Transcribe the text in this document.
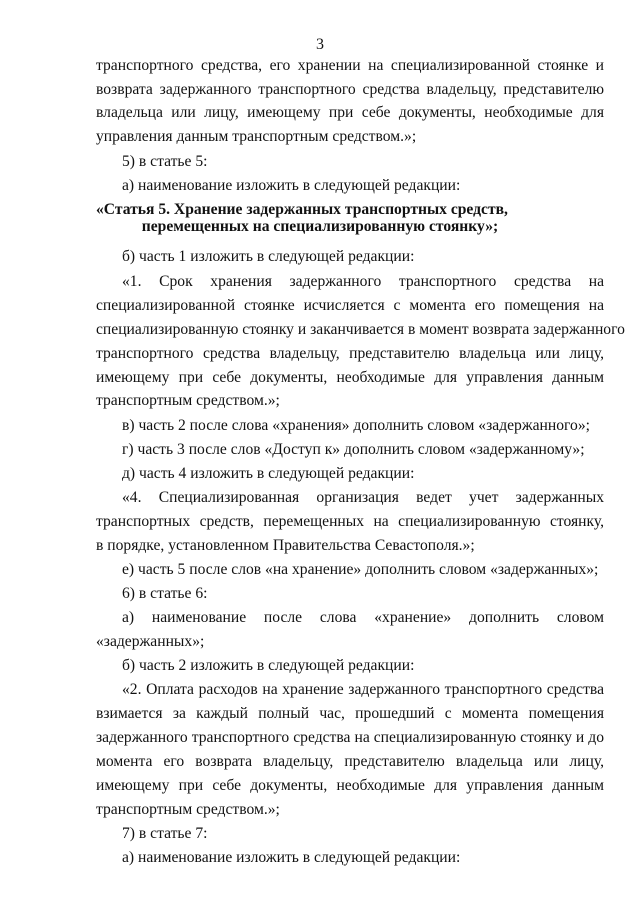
3
транспортного средства, его хранении на специализированной стоянке и
возврата задержанного транспортного средства владельцу, представителю
владельца или лицу, имеющему при себе документы, необходимые для
управления данным транспортным средством.»;
5) в статье 5:
а) наименование изложить в следующей редакции:
«Статья 5. Хранение задержанных транспортных средств,
перемещенных на специализированную стоянку»;
б) часть 1 изложить в следующей редакции:
«1. Срок хранения задержанного транспортного средства на
специализированной стоянке исчисляется с момента его помещения на
специализированную стоянку и заканчивается в момент возврата задержанного
транспортного средства владельцу, представителю владельца или лицу,
имеющему при себе документы, необходимые для управления данным
транспортным средством.»;
в) часть 2 после слова «хранения» дополнить словом «задержанного»;
г) часть 3 после слов «Доступ к» дополнить словом «задержанному»;
д) часть 4 изложить в следующей редакции:
«4. Специализированная организация ведет учет задержанных
транспортных средств, перемещенных на специализированную стоянку,
в порядке, установленном Правительства Севастополя.»;
е) часть 5 после слов «на хранение» дополнить словом «задержанных»;
6) в статье 6:
а) наименование после слова «хранение» дополнить словом
«задержанных»;
б) часть 2 изложить в следующей редакции:
«2. Оплата расходов на хранение задержанного транспортного средства
взимается за каждый полный час, прошедший с момента помещения
задержанного транспортного средства на специализированную стоянку и до
момента его возврата владельцу, представителю владельца или лицу,
имеющему при себе документы, необходимые для управления данным
транспортным средством.»;
7) в статье 7:
а) наименование изложить в следующей редакции:
